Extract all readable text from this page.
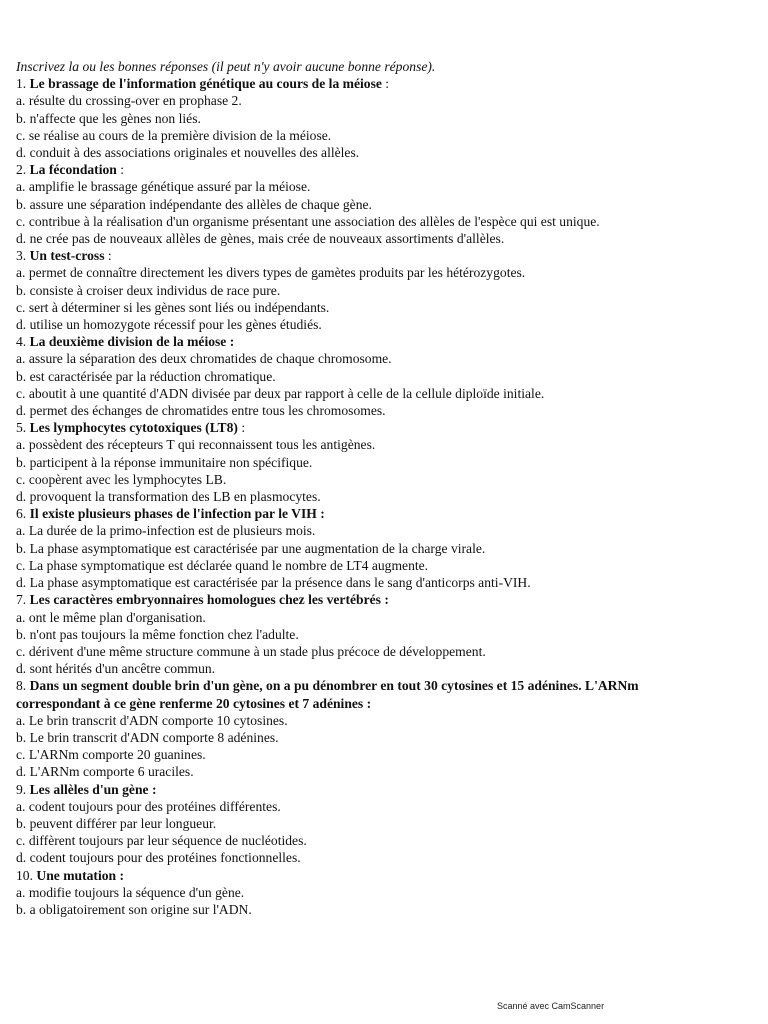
Inscrivez la ou les bonnes réponses (il peut n'y avoir aucune bonne réponse).
1. Le brassage de l'information génétique au cours de la méiose :
a. résulte du crossing-over en prophase 2.
b. n'affecte que les gènes non liés.
c. se réalise au cours de la première division de la méiose.
d. conduit à des associations originales et nouvelles des allèles.
2. La fécondation :
a. amplifie le brassage génétique assuré par la méiose.
b. assure une séparation indépendante des allèles de chaque gène.
c. contribue à la réalisation d'un organisme présentant une association des allèles de l'espèce qui est unique.
d. ne crée pas de nouveaux allèles de gènes, mais crée de nouveaux assortiments d'allèles.
3. Un test-cross :
a. permet de connaître directement les divers types de gamètes produits par les hétérozygotes.
b. consiste à croiser deux individus de race pure.
c. sert à déterminer si les gènes sont liés ou indépendants.
d. utilise un homozygote récessif pour les gènes étudiés.
4. La deuxième division de la méiose :
a. assure la séparation des deux chromatides de chaque chromosome.
b. est caractérisée par la réduction chromatique.
c. aboutit à une quantité d'ADN divisée par deux par rapport à celle de la cellule diploïde initiale.
d. permet des échanges de chromatides entre tous les chromosomes.
5. Les lymphocytes cytotoxiques (LT8) :
a. possèdent des récepteurs T qui reconnaissent tous les antigènes.
b. participent à la réponse immunitaire non spécifique.
c. coopèrent avec les lymphocytes LB.
d. provoquent la transformation des LB en plasmocytes.
6. Il existe plusieurs phases de l'infection par le VIH :
a. La durée de la primo-infection est de plusieurs mois.
b. La phase asymptomatique est caractérisée par une augmentation de la charge virale.
c. La phase symptomatique est déclarée quand le nombre de LT4 augmente.
d. La phase asymptomatique est caractérisée par la présence dans le sang d'anticorps anti-VIH.
7. Les caractères embryonnaires homologues chez les vertébrés :
a. ont le même plan d'organisation.
b. n'ont pas toujours la même fonction chez l'adulte.
c. dérivent d'une même structure commune à un stade plus précoce de développement.
d. sont hérités d'un ancêtre commun.
8. Dans un segment double brin d'un gène, on a pu dénombrer en tout 30 cytosines et 15 adénines. L'ARNm
correspondant à ce gène renferme 20 cytosines et 7 adénines :
a. Le brin transcrit d'ADN comporte 10 cytosines.
b. Le brin transcrit d'ADN comporte 8 adénines.
c. L'ARNm comporte 20 guanines.
d. L'ARNm comporte 6 uraciles.
9. Les allèles d'un gène :
a. codent toujours pour des protéines différentes.
b. peuvent différer par leur longueur.
c. diffèrent toujours par leur séquence de nucléotides.
d. codent toujours pour des protéines fonctionnelles.
10. Une mutation :
a. modifie toujours la séquence d'un gène.
b. a obligatoirement son origine sur l'ADN.
Scanné avec CamScanner
